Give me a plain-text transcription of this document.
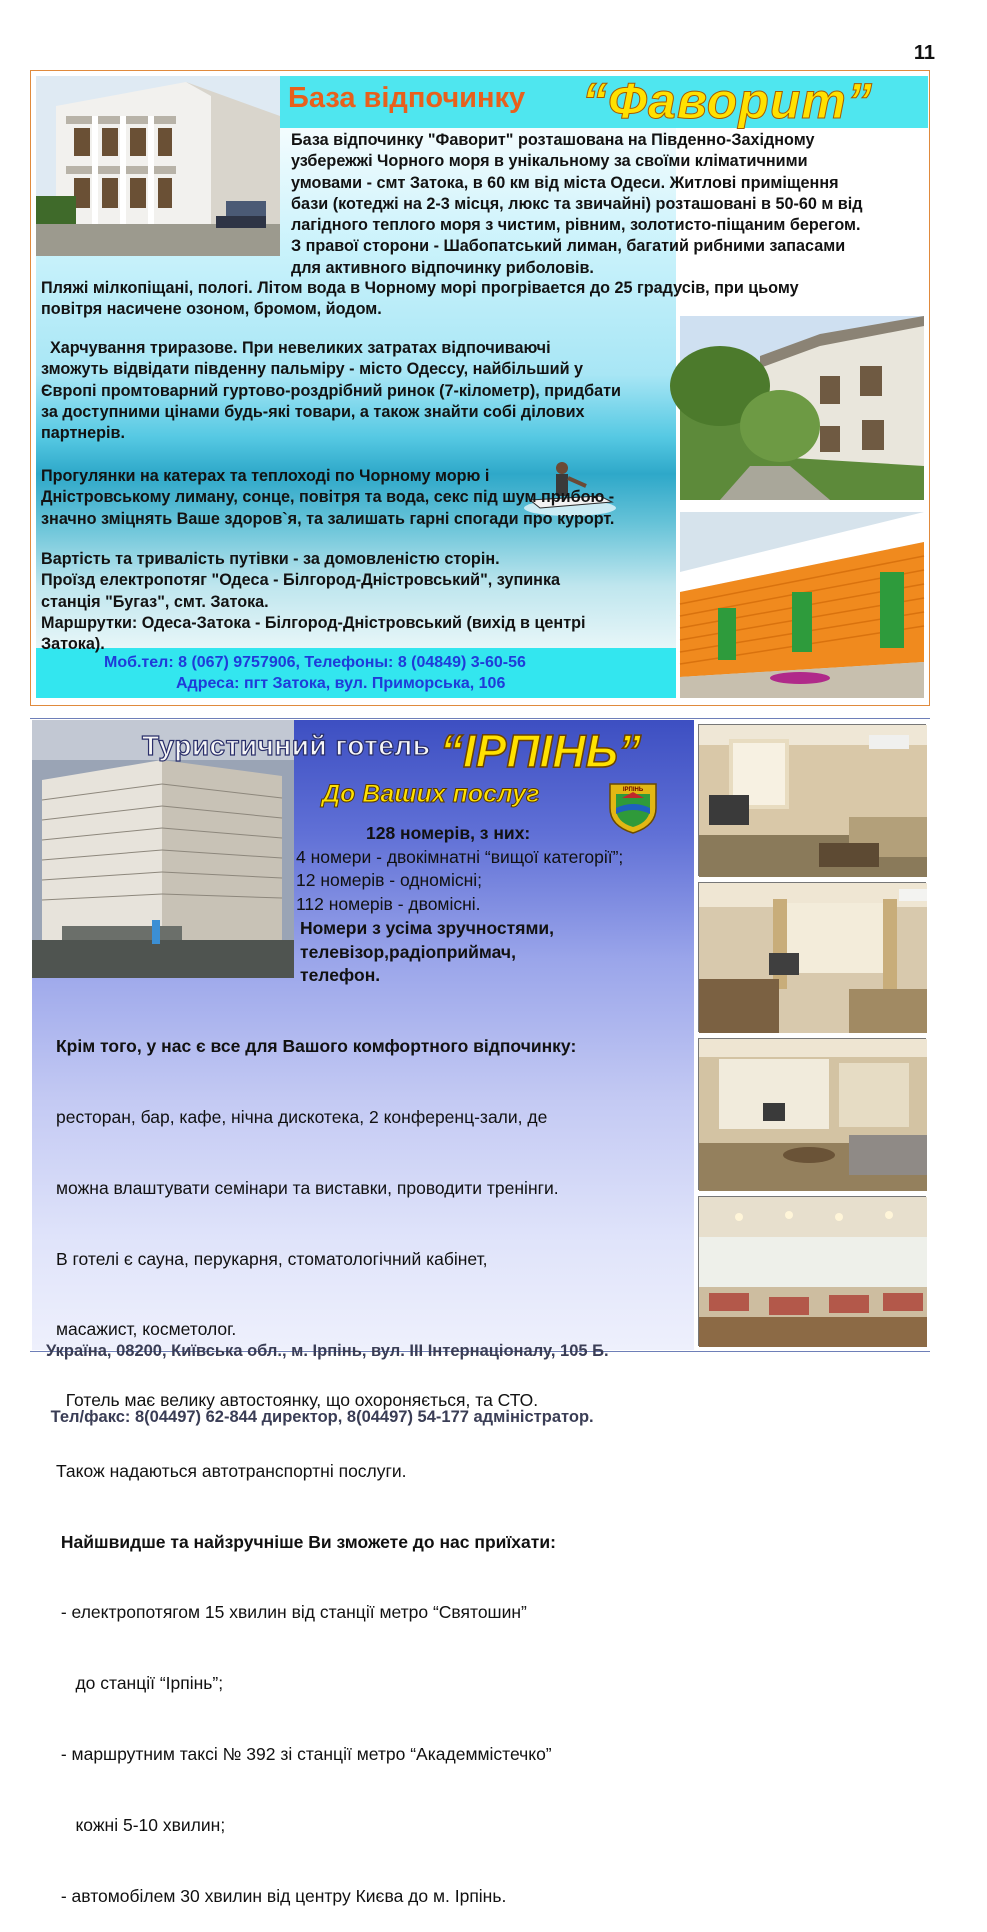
11
База відпочинку “Фаворит”
База відпочинку "Фаворит" розташована на Південно-Західному
узбережжі Чорного моря в унікальному за своїми кліматичними
умовами - смт Затока, в 60 км від міста Одеси. Житлові приміщення
бази (котеджі на 2-3 місця, люкс та звичайні) розташовані в 50-60 м від
лагідного теплого моря з чистим, рівним, золотисто-піщаним берегом.
З правої сторони - Шабопатський лиман, багатий рибними запасами
для активного відпочинку риболовів.
Пляжі мілкопіщані, пологі. Літом вода в Чорному морі прогрівается до 25 градусів, при цьому
повітря насичене озоном, бромом, йодом.
Харчування триразове. При невеликих затратах відпочиваючі
зможуть відвідати південну пальміру - місто Одессу, найбільший у
Європі промтоварний гуртово-роздрібний ринок (7-кілометр), придбати
за доступними цінами будь-які товари, а також знайти собі ділових
партнерів.
Прогулянки на катерах та теплоході по Чорному морю і
Дністровському лиману, сонце, повітря та вода, секс під шум прибою -
значно зміцнять Ваше здоров`я, та залишать гарні спогади про курорт.
Вартість та тривалість путівки - за домовленістю сторін.
Проїзд електропотяг "Одеса - Білгород-Дністровський", зупинка
станція "Бугаз", смт. Затока.
Маршрутки: Одеса-Затока - Білгород-Дністровський (вихід в центрі
Затока).
Моб.тел: 8 (067) 9757906, Телефоны: 8 (04849) 3-60-56
Адреса: пгт Затока, вул. Приморська, 106
Туристичний готель “ІРПІНЬ”
До Ваших послуг	ІРПІНЬ
128 номерів, з них:
4 номери - двокімнатні “вищої категорії”;
12 номерів - одномісні;
112 номерів - двомісні.
Номери з усіма зручностями,
телевізор,радіоприймач,
телефон.

Крім того, у нас є все для Вашого комфортного відпочинку:

ресторан, бар, кафе, нічна дискотека, 2 конференц-зали, де

можна влаштувати семінари та виставки, проводити тренінги.

В готелі є сауна, перукарня, стоматологічний кабінет,

масажист, косметолог.

Готель має велику автостоянку, що охороняється, та СТО.

Також надаються автотранспортні послуги.

Найшвидше та найзручніше Ви зможете до нас приїхати:

- електропотягом 15 хвилин від станції метро “Святошин”

до станції “Ірпінь”;

- маршрутним таксі № 392 зі станції метро “Академмістечко”

кожні 5-10 хвилин;

- автомобілем 30 хвилин від центру Києва до м. Ірпінь.

Україна, 08200, Київська обл., м. Ірпінь, вул. ІІІ Інтернаціоналу, 105 Б.

Тел/факс: 8(04497) 62-844 директор, 8(04497) 54-177 адміністратор.
